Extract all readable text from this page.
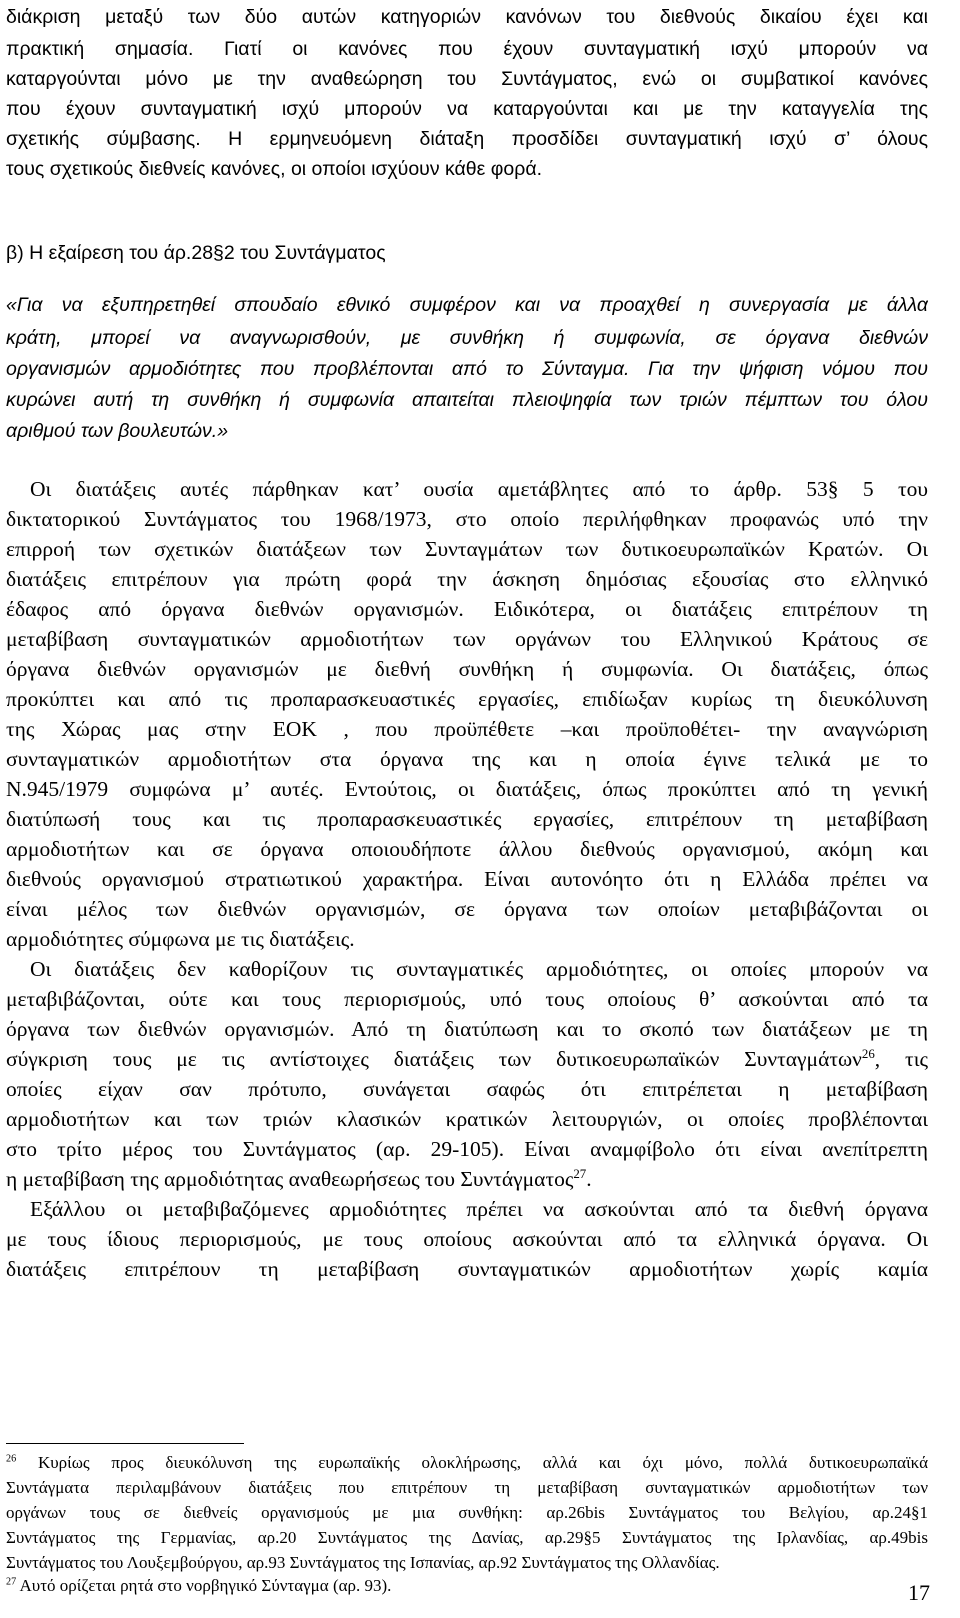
διάκριση μεταξύ των δύο αυτών κατηγοριών κανόνων του διεθνούς δικαίου έχει και
πρακτική σημασία. Γιατί οι κανόνες που έχουν συνταγματική ισχύ μπορούν να
καταργούνται μόνο με την αναθεώρηση του Συντάγματος, ενώ οι συμβατικοί κανόνες
που έχουν συνταγματική ισχύ μπορούν να καταργούνται και με την καταγγελία της
σχετικής σύμβασης. Η ερμηνευόμενη διάταξη προσδίδει συνταγματική ισχύ σ’ όλους
τους σχετικούς διεθνείς κανόνες, οι οποίοι ισχύουν κάθε φορά.
β) Η εξαίρεση του άρ.28§2 του Συντάγματος
«Για να εξυπηρετηθεί σπουδαίο εθνικό συμφέρον και να προαχθεί η συνεργασία με άλλα
κράτη, μπορεί να αναγνωρισθούν, με συνθήκη ή συμφωνία, σε όργανα διεθνών
οργανισμών αρμοδιότητες που προβλέπονται από το Σύνταγμα. Για την ψήφιση νόμου που
κυρώνει αυτή τη συνθήκη ή συμφωνία απαιτείται πλειοψηφία των τριών πέμπτων του όλου
αριθμού των βουλευτών.»
Οι διατάξεις αυτές πάρθηκαν κατ’ ουσία αμετάβλητες από το άρθρ. 53§ 5 του
δικτατορικού Συντάγματος του 1968/1973, στο οποίο περιλήφθηκαν προφανώς υπό την
επιρροή των σχετικών διατάξεων των Συνταγμάτων των δυτικοευρωπαϊκών Κρατών. Οι
διατάξεις επιτρέπουν για πρώτη φορά την άσκηση δημόσιας εξουσίας στο ελληνικό
έδαφος από όργανα διεθνών οργανισμών. Ειδικότερα, οι διατάξεις επιτρέπουν τη
μεταβίβαση συνταγματικών αρμοδιοτήτων των οργάνων του Ελληνικού Κράτους σε
όργανα διεθνών οργανισμών με διεθνή συνθήκη ή συμφωνία. Οι διατάξεις, όπως
προκύπτει και από τις προπαρασκευαστικές εργασίες, επιδίωξαν κυρίως τη διευκόλυνση
της Χώρας μας στην ΕΟΚ , που προϋπέθετε –και προϋποθέτει- την αναγνώριση
συνταγματικών αρμοδιοτήτων στα όργανα της και η οποία έγινε τελικά με το
Ν.945/1979 συμφώνα μ’ αυτές. Εντούτοις, οι διατάξεις, όπως προκύπτει από τη γενική
διατύπωσή τους και τις προπαρασκευαστικές εργασίες, επιτρέπουν τη μεταβίβαση
αρμοδιοτήτων και σε όργανα οποιουδήποτε άλλου διεθνούς οργανισμού, ακόμη και
διεθνούς οργανισμού στρατιωτικού χαρακτήρα. Είναι αυτονόητο ότι η Ελλάδα πρέπει να
είναι μέλος των διεθνών οργανισμών, σε όργανα των οποίων μεταβιβάζονται οι
αρμοδιότητες σύμφωνα με τις διατάξεις.
Οι διατάξεις δεν καθορίζουν τις συνταγματικές αρμοδιότητες, οι οποίες μπορούν να
μεταβιβάζονται, ούτε και τους περιορισμούς, υπό τους οποίους θ’ ασκούνται από τα
όργανα των διεθνών οργανισμών. Από τη διατύπωση και το σκοπό των διατάξεων με τη
σύγκριση τους με τις αντίστοιχες διατάξεις των δυτικοευρωπαϊκών Συνταγμάτων$^{26}$, τις
οποίες είχαν σαν πρότυπο, συνάγεται σαφώς ότι επιτρέπεται η μεταβίβαση
αρμοδιοτήτων και των τριών κλασικών κρατικών λειτουργιών, οι οποίες προβλέπονται
στο τρίτο μέρος του Συντάγματος (αρ. 29-105). Είναι αναμφίβολο ότι είναι ανεπίτρεπτη
η μεταβίβαση της αρμοδιότητας αναθεωρήσεως του Συντάγματος$^{27}$.
Εξάλλου οι μεταβιβαζόμενες αρμοδιότητες πρέπει να ασκούνται από τα διεθνή όργανα
με τους ίδιους περιορισμούς, με τους οποίους ασκούνται από τα ελληνικά όργανα. Οι
διατάξεις επιτρέπουν τη μεταβίβαση συνταγματικών αρμοδιοτήτων χωρίς καμία
$^{26}$ Κυρίως προς διευκόλυνση της ευρωπαϊκής ολοκλήρωσης, αλλά και όχι μόνο, πολλά δυτικοευρωπαϊκά
Συντάγματα περιλαμβάνουν διατάξεις που επιτρέπουν τη μεταβίβαση συνταγματικών αρμοδιοτήτων των
οργάνων τους σε διεθνείς οργανισμούς με μια συνθήκη: αρ.26bis Συντάγματος του Βελγίου, αρ.24§1
Συντάγματος της Γερμανίας, αρ.20 Συντάγματος της Δανίας, αρ.29§5 Συντάγματος της Ιρλανδίας, αρ.49bis
Συντάγματος του Λουξεμβούργου, αρ.93 Συντάγματος της Ισπανίας, αρ.92 Συντάγματος της Ολλανδίας.
$^{27}$ Αυτό ορίζεται ρητά στο νορβηγικό Σύνταγμα (αρ. 93).	17
